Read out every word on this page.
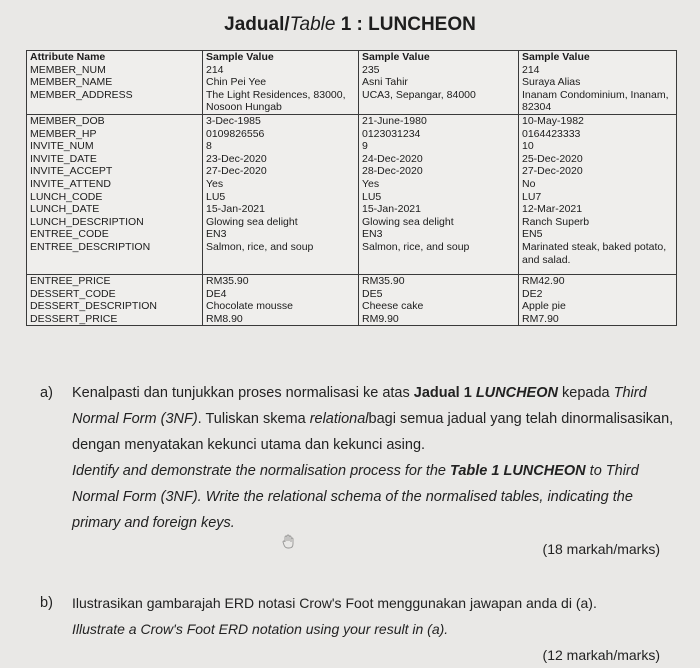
Jadual/Table 1 : LUNCHEON
Attribute Name	Sample Value	Sample Value	Sample Value
MEMBER_NUM	214	235	214
MEMBER_NAME	Chin Pei Yee	Asni Tahir	Suraya Alias
MEMBER_ADDRESS	The Light Residences, 83000, Nosoon Hungab	UCA3, Sepangar, 84000	Inanam Condominium, Inanam, 82304
MEMBER_DOB	3-Dec-1985	21-June-1980	10-May-1982
MEMBER_HP	0109826556	0123031234	0164423333
INVITE_NUM	8	9	10
INVITE_DATE	23-Dec-2020	24-Dec-2020	25-Dec-2020
INVITE_ACCEPT	27-Dec-2020	28-Dec-2020	27-Dec-2020
INVITE_ATTEND	Yes	Yes	No
LUNCH_CODE	LU5	LU5	LU7
LUNCH_DATE	15-Jan-2021	15-Jan-2021	12-Mar-2021
LUNCH_DESCRIPTION	Glowing sea delight	Glowing sea delight	Ranch Superb
ENTREE_CODE	EN3	EN3	EN5
ENTREE_DESCRIPTION	Salmon, rice, and soup	Salmon, rice, and soup	Marinated steak, baked potato, and salad.
ENTREE_PRICE	RM35.90	RM35.90	RM42.90
DESSERT_CODE	DE4	DE5	DE2
DESSERT_DESCRIPTION	Chocolate mousse	Cheese cake	Apple pie
DESSERT_PRICE	RM8.90	RM9.90	RM7.90
a)	Kenalpasti dan tunjukkan proses normalisasi ke atas Jadual 1 LUNCHEON kepada Third Normal Form (3NF). Tuliskan skema relationalbagi semua jadual yang telah dinormalisasikan, dengan menyatakan kekunci utama dan kekunci asing.
Identify and demonstrate the normalisation process for the Table 1 LUNCHEON to Third Normal Form (3NF). Write the relational schema of the normalised tables, indicating the primary and foreign keys.
(18 markah/marks)
b)	Ilustrasikan gambarajah ERD notasi Crow's Foot menggunakan jawapan anda di (a).
Illustrate a Crow's Foot ERD notation using your result in (a).
(12 markah/marks)
